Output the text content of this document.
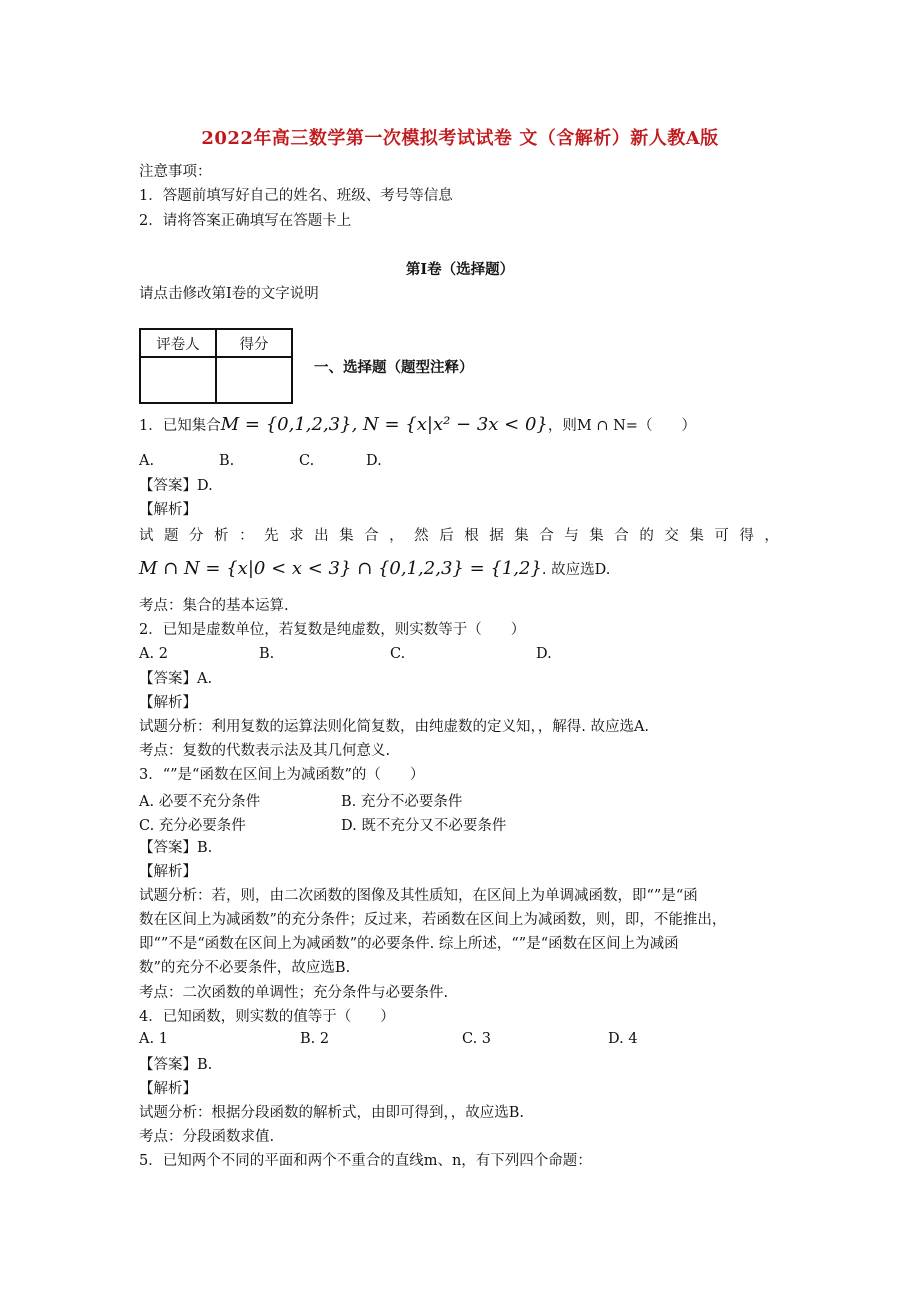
2022年高三数学第一次模拟考试试卷 文（含解析）新人教A版
注意事项：
1．答题前填写好自己的姓名、班级、考号等信息
2．请将答案正确填写在答题卡上
第I卷（选择题）
请点击修改第I卷的文字说明
评卷人	得分

一、选择题（题型注释）
1．已知集合M = {0,1,2,3}, N = {x|x² − 3x < 0}，则M ∩ N=（　　）
A.	B.	C.	D.
【答案】D.
【解析】
试 题 分 析 ： 先 求 出 集 合 ， 然 后 根 据 集 合 与 集 合 的 交 集 可 得 ，
M ∩ N = {x|0 < x < 3} ∩ {0,1,2,3} = {1,2}. 故应选D.
考点：集合的基本运算.
2．已知是虚数单位，若复数是纯虚数，则实数等于（　　）
A. 2	B.	C.	D.
【答案】A.
【解析】
试题分析：利用复数的运算法则化简复数，由纯虚数的定义知，，解得. 故应选A.
考点：复数的代数表示法及其几何意义.
3．“”是“函数在区间上为减函数”的（　　）
A. 必要不充分条件	B. 充分不必要条件
C. 充分必要条件	D. 既不充分又不必要条件
【答案】B.
【解析】
试题分析：若，则，由二次函数的图像及其性质知，在区间上为单调减函数，即“”是“函
数在区间上为减函数”的充分条件；反过来，若函数在区间上为减函数，则，即，不能推出，
即“”不是“函数在区间上为减函数”的必要条件. 综上所述，“”是“函数在区间上为减函
数”的充分不必要条件，故应选B.
考点：二次函数的单调性；充分条件与必要条件.
4．已知函数，则实数的值等于（　　）
A. 1	B. 2	C. 3	D. 4
【答案】B.
【解析】
试题分析：根据分段函数的解析式，由即可得到，，故应选B.
考点：分段函数求值.
5．已知两个不同的平面和两个不重合的直线m、n，有下列四个命题：
